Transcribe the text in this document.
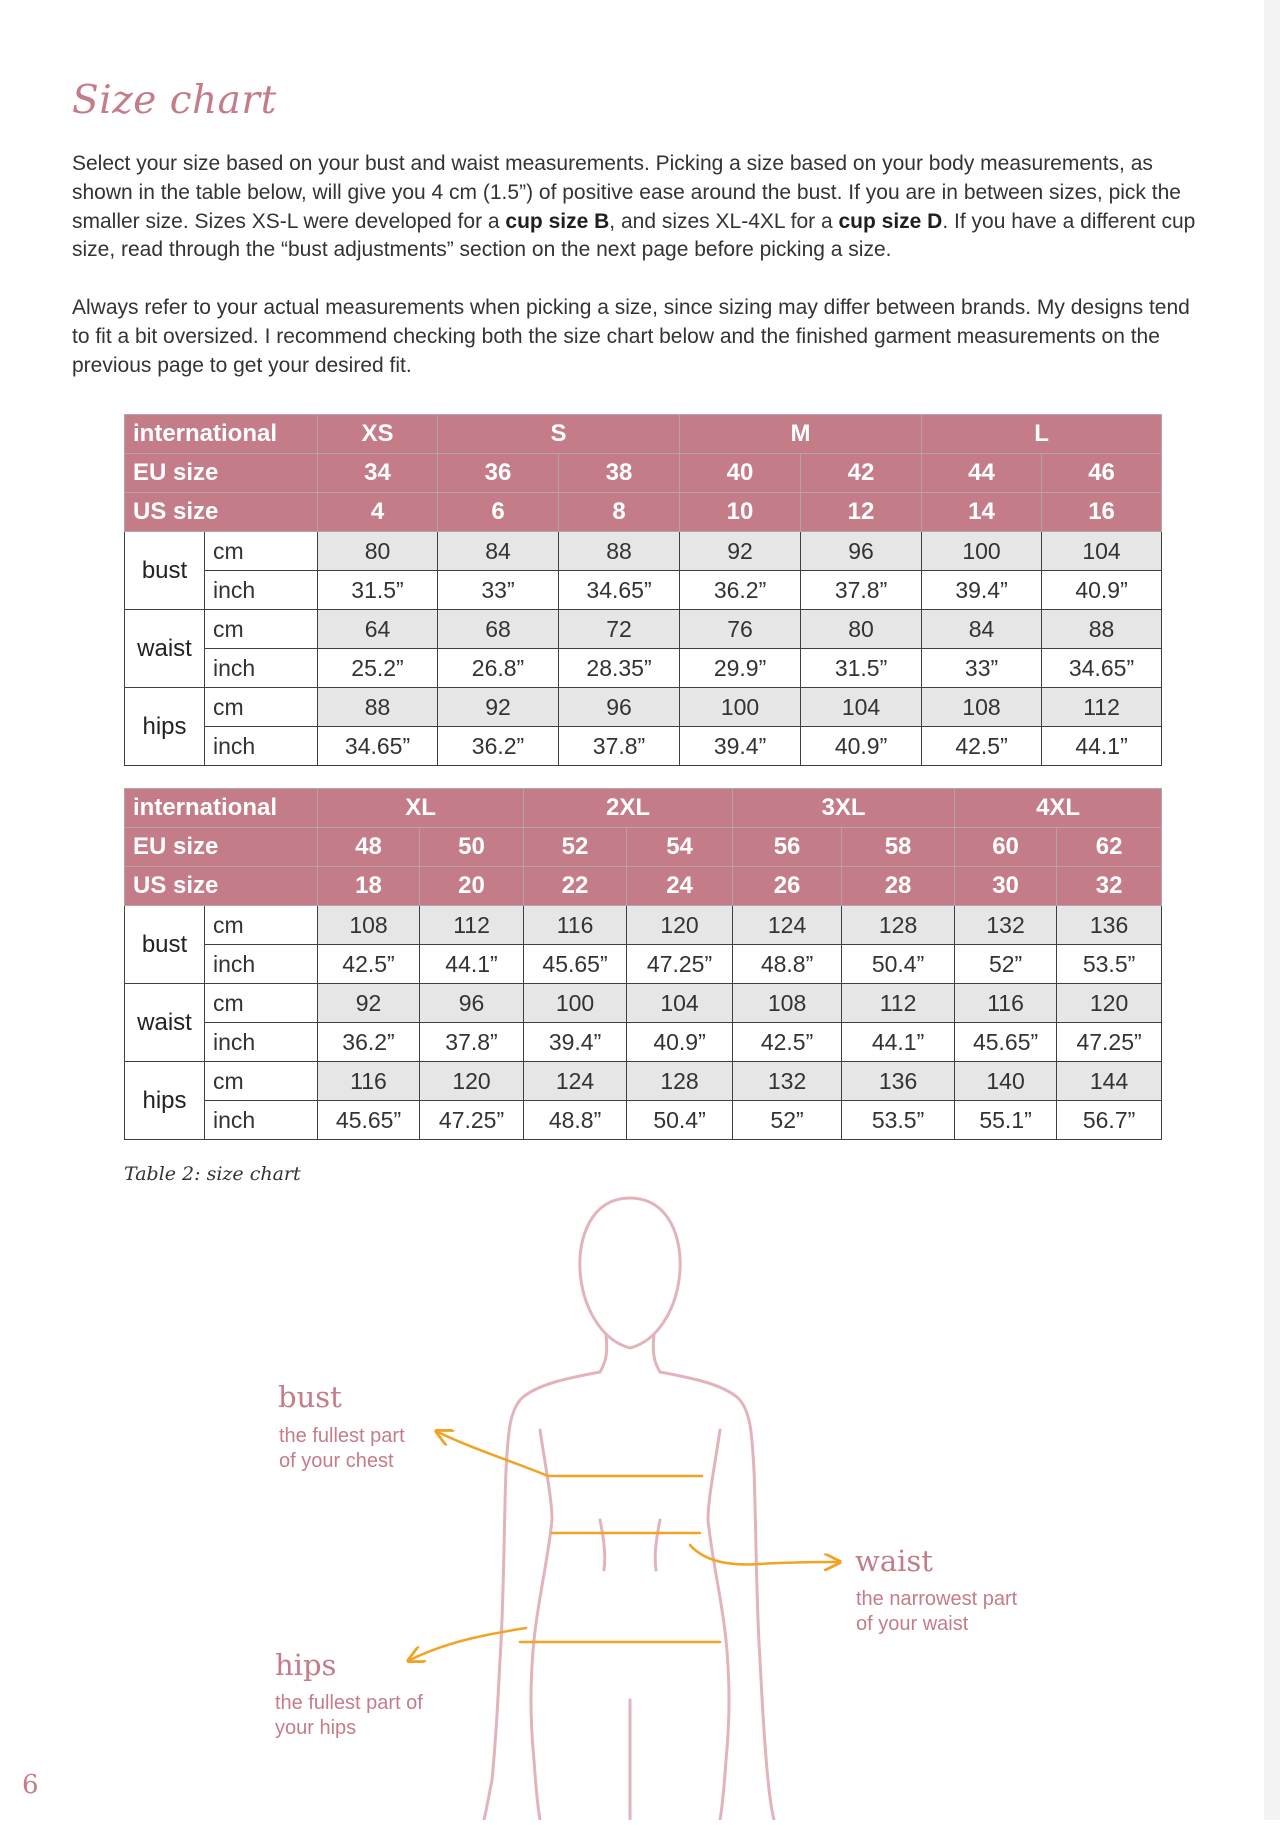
Size chart

Select your size based on your bust and waist measurements. Picking a size based on your body measurements, as shown in the table below, will give you 4 cm (1.5”) of positive ease around the bust. If you are in between sizes, pick the smaller size. Sizes XS-L were developed for a cup size B, and sizes XL-4XL for a cup size D. If you have a different cup size, read through the “bust adjustments” section on the next page before picking a size.

Always refer to your actual measurements when picking a size, since sizing may differ between brands. My designs tend to fit a bit oversized. I recommend checking both the size chart below and the finished garment measurements on the previous page to get your desired fit.

international		XS	S		M		L	
EU size		34	36	38	40	42	44	46
US size		4	6	8	10	12	14	16
bust	cm	80	84	88	92	96	100	104
	inch	31.5”	33”	34.65”	36.2”	37.8”	39.4”	40.9”
waist	cm	64	68	72	76	80	84	88
	inch	25.2”	26.8”	28.35”	29.9”	31.5”	33”	34.65”
hips	cm	88	92	96	100	104	108	112
	inch	34.65”	36.2”	37.8”	39.4”	40.9”	42.5”	44.1”
international		XL		2XL		3XL		4XL	
EU size		48	50	52	54	56	58	60	62
US size		18	20	22	24	26	28	30	32
bust	cm	108	112	116	120	124	128	132	136
	inch	42.5”	44.1”	45.65”	47.25”	48.8”	50.4”	52”	53.5”
waist	cm	92	96	100	104	108	112	116	120
	inch	36.2”	37.8”	39.4”	40.9”	42.5”	44.1”	45.65”	47.25”
hips	cm	116	120	124	128	132	136	140	144
	inch	45.65”	47.25”	48.8”	50.4”	52”	53.5”	55.1”	56.7”
Table 2: size chart
bust
the fullest part
of your chest
waist
the narrowest part
of your waist
hips
the fullest part of
your hips
6
